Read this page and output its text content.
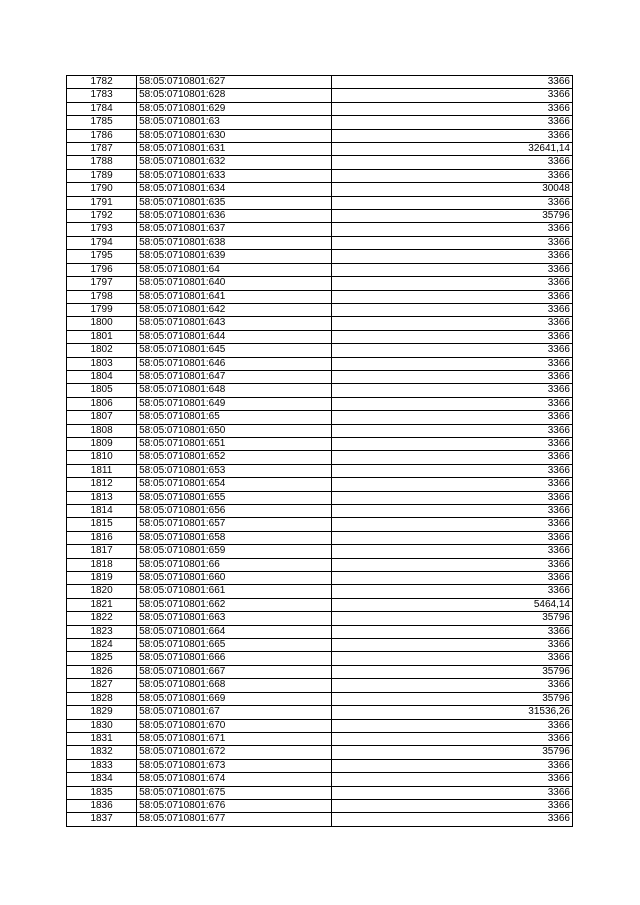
1782	58:05:0710801:627	3366
1783	58:05:0710801:628	3366
1784	58:05:0710801:629	3366
1785	58:05:0710801:63	3366
1786	58:05:0710801:630	3366
1787	58:05:0710801:631	32641,14
1788	58:05:0710801:632	3366
1789	58:05:0710801:633	3366
1790	58:05:0710801:634	30048
1791	58:05:0710801:635	3366
1792	58:05:0710801:636	35796
1793	58:05:0710801:637	3366
1794	58:05:0710801:638	3366
1795	58:05:0710801:639	3366
1796	58:05:0710801:64	3366
1797	58:05:0710801:640	3366
1798	58:05:0710801:641	3366
1799	58:05:0710801:642	3366
1800	58:05:0710801:643	3366
1801	58:05:0710801:644	3366
1802	58:05:0710801:645	3366
1803	58:05:0710801:646	3366
1804	58:05:0710801:647	3366
1805	58:05:0710801:648	3366
1806	58:05:0710801:649	3366
1807	58:05:0710801:65	3366
1808	58:05:0710801:650	3366
1809	58:05:0710801:651	3366
1810	58:05:0710801:652	3366
1811	58:05:0710801:653	3366
1812	58:05:0710801:654	3366
1813	58:05:0710801:655	3366
1814	58:05:0710801:656	3366
1815	58:05:0710801:657	3366
1816	58:05:0710801:658	3366
1817	58:05:0710801:659	3366
1818	58:05:0710801:66	3366
1819	58:05:0710801:660	3366
1820	58:05:0710801:661	3366
1821	58:05:0710801:662	5464,14
1822	58:05:0710801:663	35796
1823	58:05:0710801:664	3366
1824	58:05:0710801:665	3366
1825	58:05:0710801:666	3366
1826	58:05:0710801:667	35796
1827	58:05:0710801:668	3366
1828	58:05:0710801:669	35796
1829	58:05:0710801:67	31536,26
1830	58:05:0710801:670	3366
1831	58:05:0710801:671	3366
1832	58:05:0710801:672	35796
1833	58:05:0710801:673	3366
1834	58:05:0710801:674	3366
1835	58:05:0710801:675	3366
1836	58:05:0710801:676	3366
1837	58:05:0710801:677	3366
